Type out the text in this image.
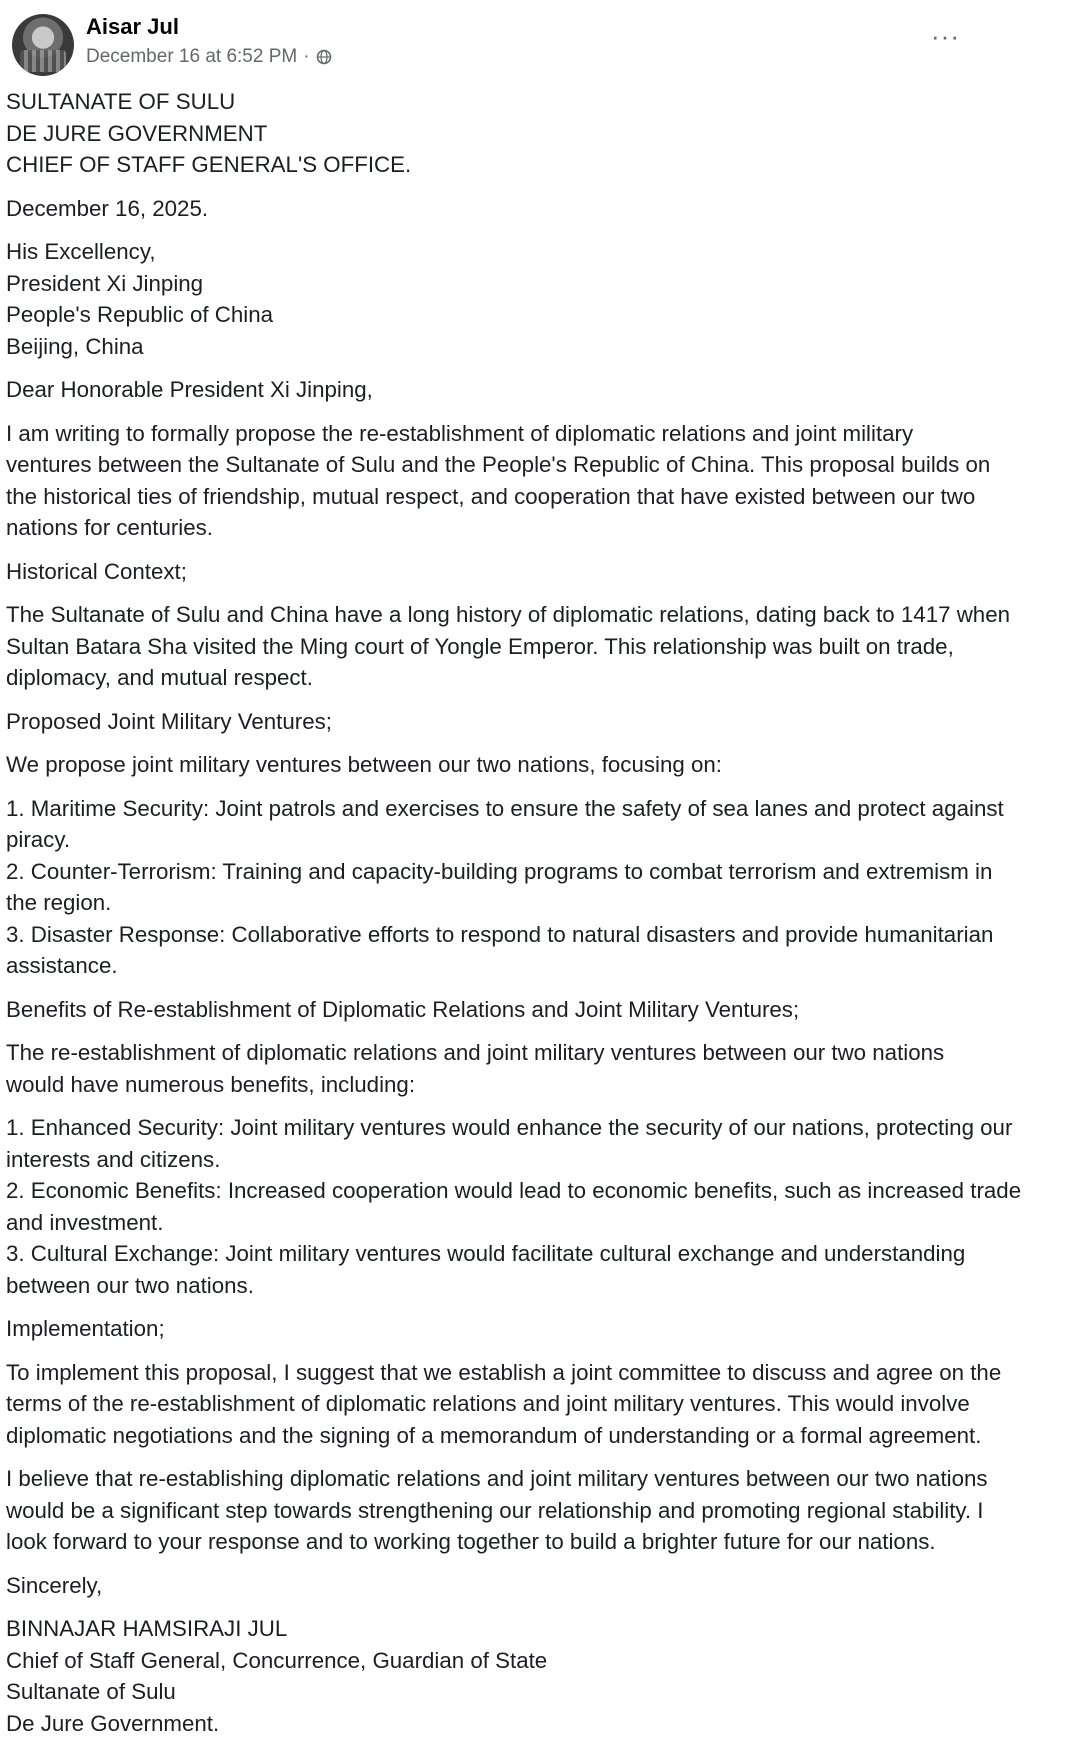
Aisar Jul
December 16 at 6:52 PM ·
···

SULTANATE OF SULU
DE JURE GOVERNMENT
CHIEF OF STAFF GENERAL'S OFFICE.

December 16, 2025.

His Excellency,
President Xi Jinping
People's Republic of China
Beijing, China

Dear Honorable President Xi Jinping,

I am writing to formally propose the re-establishment of diplomatic relations and joint military
ventures between the Sultanate of Sulu and the People's Republic of China. This proposal builds on
the historical ties of friendship, mutual respect, and cooperation that have existed between our two
nations for centuries.

Historical Context;

The Sultanate of Sulu and China have a long history of diplomatic relations, dating back to 1417 when
Sultan Batara Sha visited the Ming court of Yongle Emperor. This relationship was built on trade,
diplomacy, and mutual respect.

Proposed Joint Military Ventures;

We propose joint military ventures between our two nations, focusing on:

1. Maritime Security: Joint patrols and exercises to ensure the safety of sea lanes and protect against
piracy.
2. Counter-Terrorism: Training and capacity-building programs to combat terrorism and extremism in
the region.
3. Disaster Response: Collaborative efforts to respond to natural disasters and provide humanitarian
assistance.

Benefits of Re-establishment of Diplomatic Relations and Joint Military Ventures;

The re-establishment of diplomatic relations and joint military ventures between our two nations
would have numerous benefits, including:

1. Enhanced Security: Joint military ventures would enhance the security of our nations, protecting our
interests and citizens.
2. Economic Benefits: Increased cooperation would lead to economic benefits, such as increased trade
and investment.
3. Cultural Exchange: Joint military ventures would facilitate cultural exchange and understanding
between our two nations.

Implementation;

To implement this proposal, I suggest that we establish a joint committee to discuss and agree on the
terms of the re-establishment of diplomatic relations and joint military ventures. This would involve
diplomatic negotiations and the signing of a memorandum of understanding or a formal agreement.

I believe that re-establishing diplomatic relations and joint military ventures between our two nations
would be a significant step towards strengthening our relationship and promoting regional stability. I
look forward to your response and to working together to build a brighter future for our nations.

Sincerely,

BINNAJAR HAMSIRAJI JUL
Chief of Staff General, Concurrence, Guardian of State
Sultanate of Sulu
De Jure Government.
